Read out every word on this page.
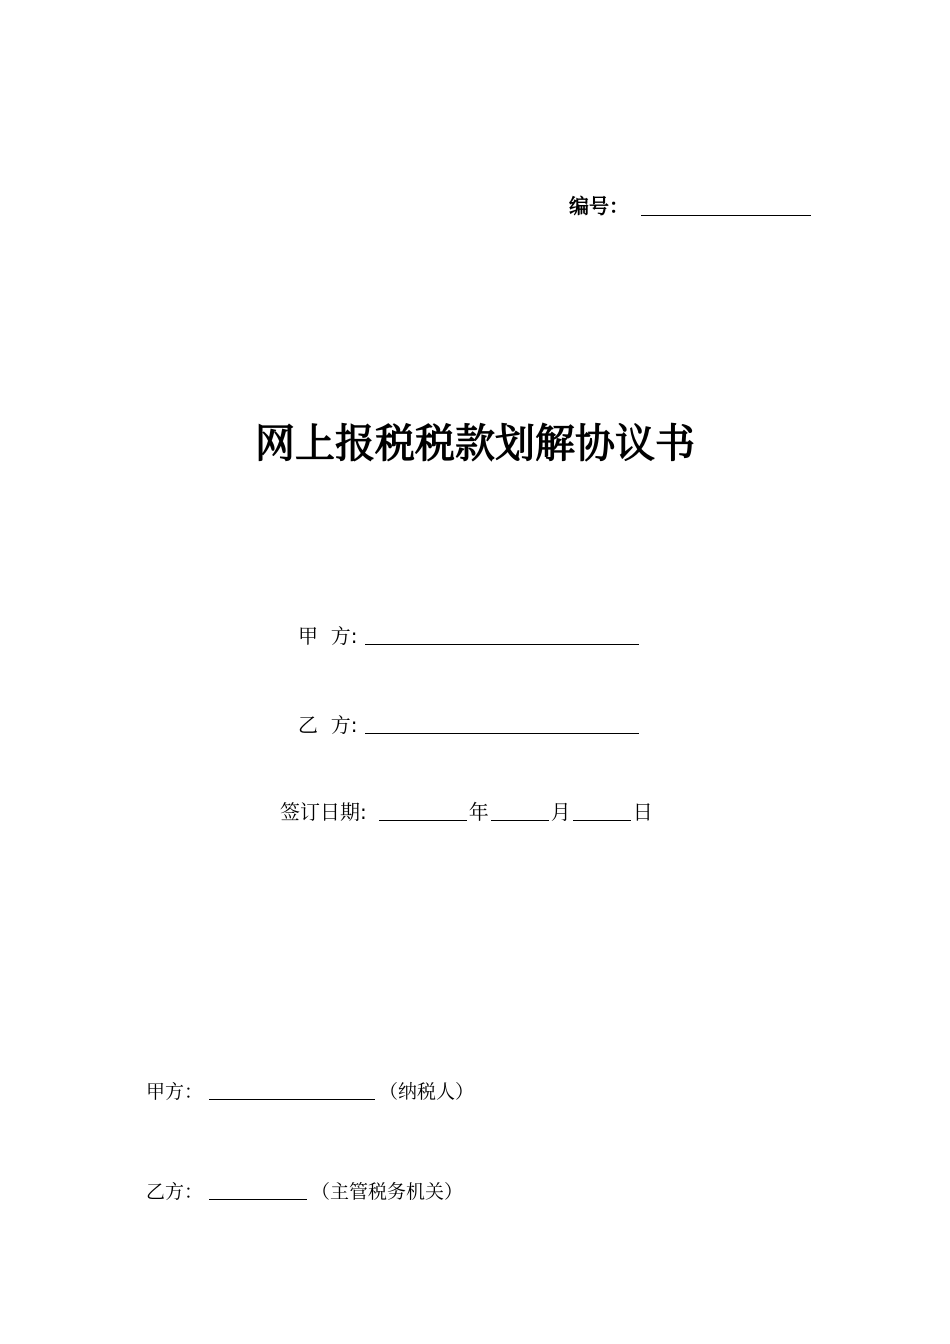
编号：
网上报税税款划解协议书
甲  方:
乙  方:
签订日期:	年	月	日
甲方：	（纳税人）
乙方：	（主管税务机关）
